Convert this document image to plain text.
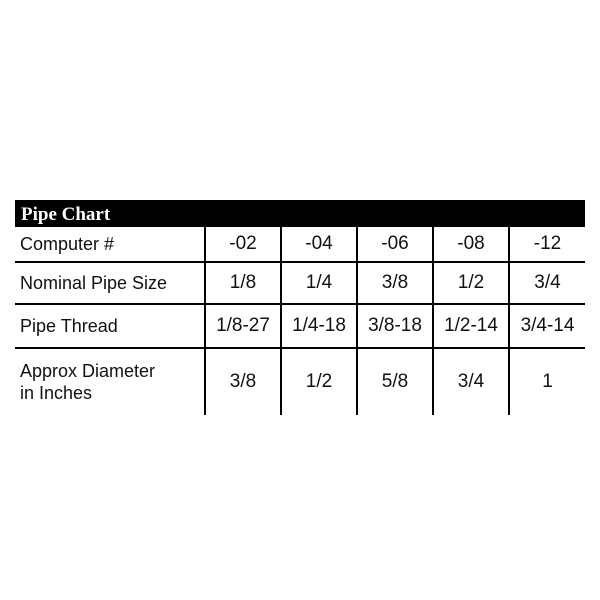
Pipe Chart
Computer #	-02	-04	-06	-08	-12
Nominal Pipe Size	1/8	1/4	3/8	1/2	3/4
Pipe Thread	1/8-27	1/4-18	3/8-18	1/2-14	3/4-14

Approx Diameter
in Inches	3/8	1/2	5/8	3/4	1
